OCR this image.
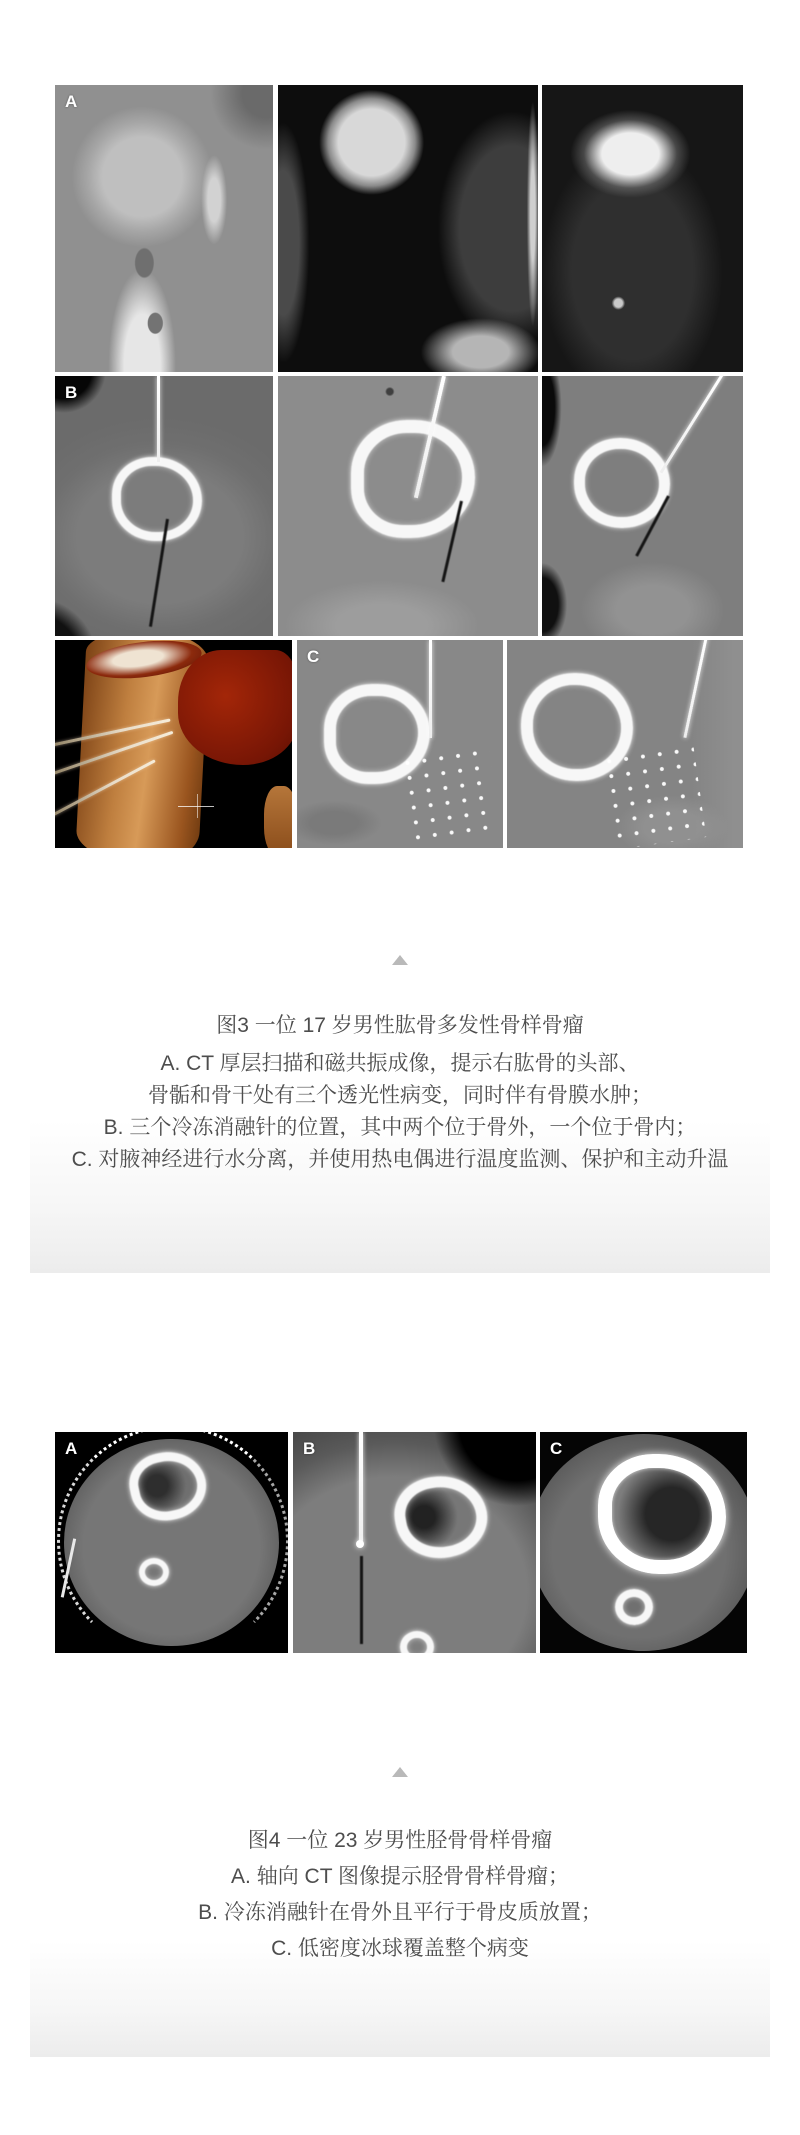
A
B
C
图3 一位 17 岁男性肱骨多发性骨样骨瘤
A. CT 厚层扫描和磁共振成像，提示右肱骨的头部、
骨骺和骨干处有三个透光性病变，同时伴有骨膜水肿；
B. 三个冷冻消融针的位置，其中两个位于骨外，一个位于骨内；
C. 对腋神经进行水分离，并使用热电偶进行温度监测、保护和主动升温
A	B	C
图4 一位 23 岁男性胫骨骨样骨瘤
A. 轴向 CT 图像提示胫骨骨样骨瘤；
B. 冷冻消融针在骨外且平行于骨皮质放置；
C. 低密度冰球覆盖整个病变
